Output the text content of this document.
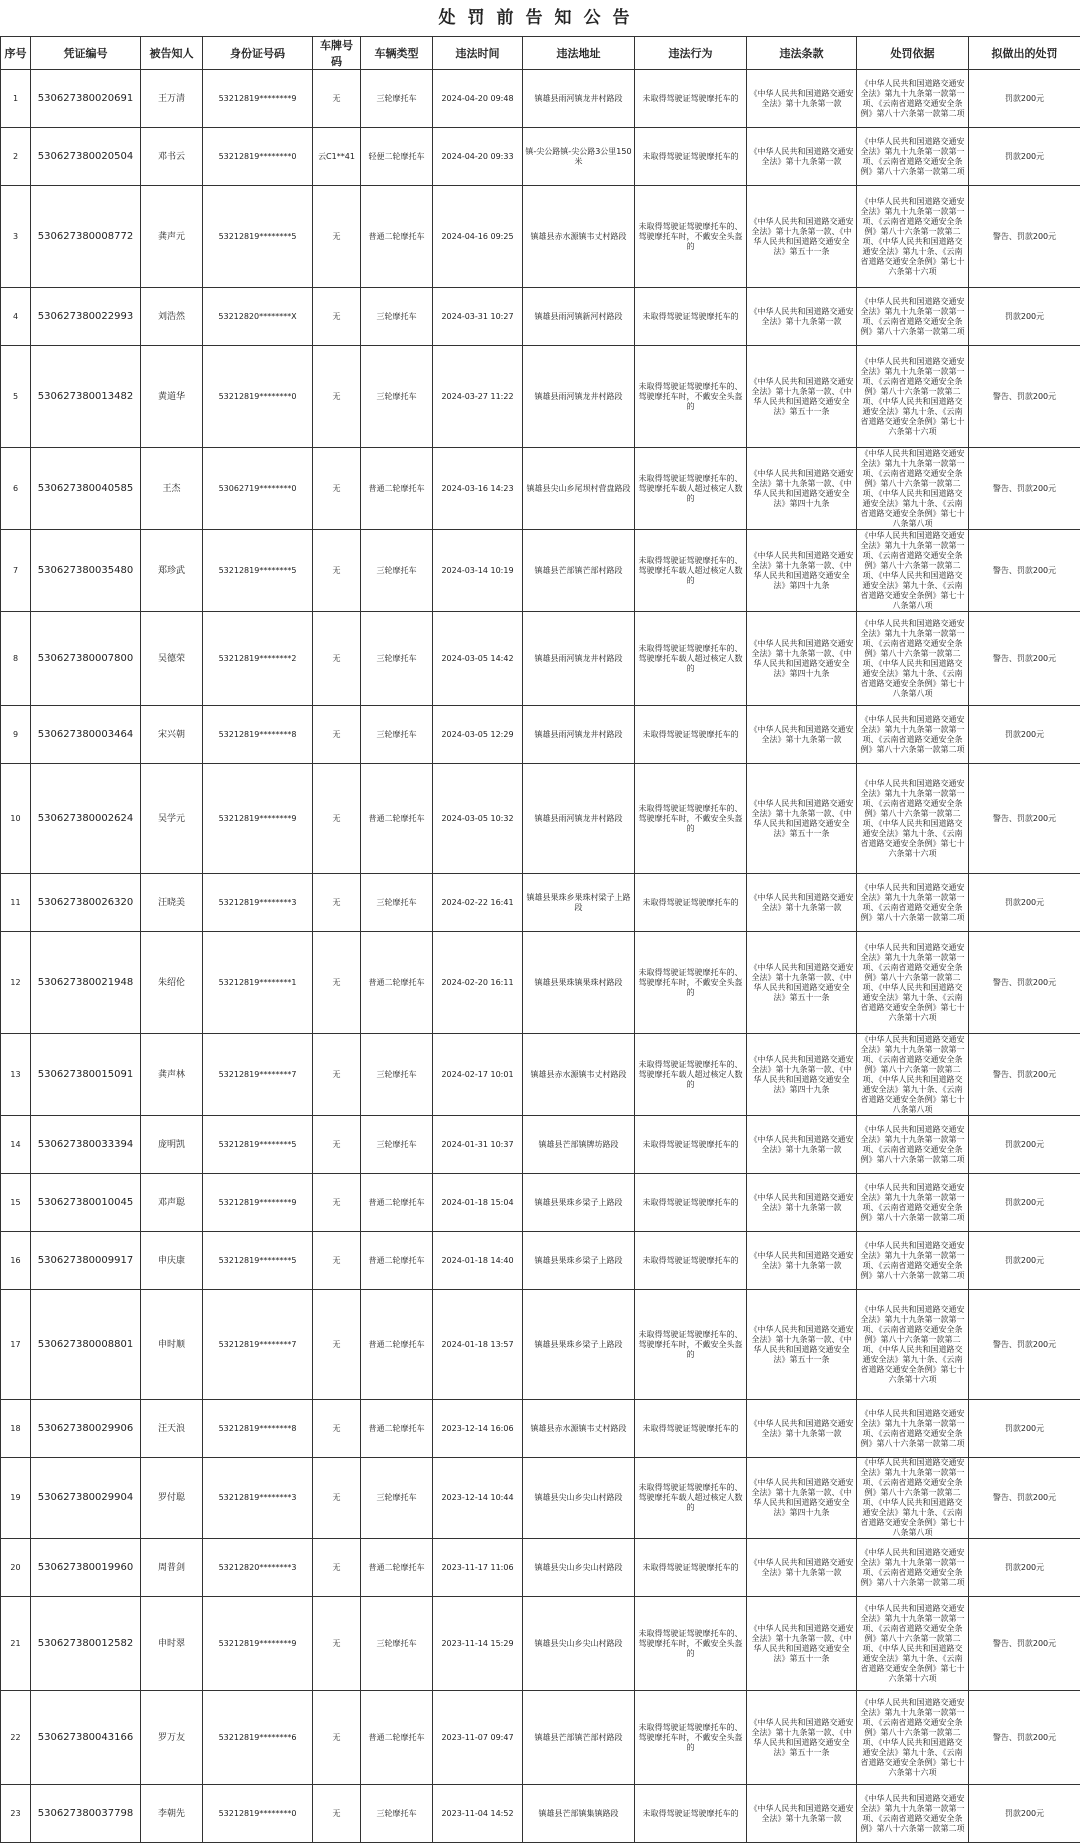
处罚前告知公告
序号	凭证编号	被告知人	身份证号码	车牌号码	车辆类型	违法时间	违法地址	违法行为	违法条款	处罚依据	拟做出的处罚
1	530627380020691	王万清	53212819********9	无	三轮摩托车	2024-04-20 09:48	镇雄县雨河镇龙井村路段	未取得驾驶证驾驶摩托车的	《中华人民共和国道路交通安全法》第十九条第一款	《中华人民共和国道路交通安全法》第九十九条第一款第一项、《云南省道路交通安全条例》第八十六条第一款第二项	罚款200元
2	530627380020504	邓书云	53212819********0	云C1**41	轻便二轮摩托车	2024-04-20 09:33	镇-尖公路镇-尖公路3公里150米	未取得驾驶证驾驶摩托车的	《中华人民共和国道路交通安全法》第十九条第一款	《中华人民共和国道路交通安全法》第九十九条第一款第一项、《云南省道路交通安全条例》第八十六条第一款第二项	罚款200元
3	530627380008772	龚声元	53212819********5	无	普通二轮摩托车	2024-04-16 09:25	镇雄县赤水源镇韦丈村路段	未取得驾驶证驾驶摩托车的、驾驶摩托车时，不戴安全头盔的	《中华人民共和国道路交通安全法》第十九条第一款、《中华人民共和国道路交通安全法》第五十一条	《中华人民共和国道路交通安全法》第九十九条第一款第一项、《云南省道路交通安全条例》第八十六条第一款第二项、《中华人民共和国道路交通安全法》第九十条、《云南省道路交通安全条例》第七十六条第十六项	警告、罚款200元
4	530627380022993	刘浩然	53212820********X	无	三轮摩托车	2024-03-31 10:27	镇雄县雨河镇新河村路段	未取得驾驶证驾驶摩托车的	《中华人民共和国道路交通安全法》第十九条第一款	《中华人民共和国道路交通安全法》第九十九条第一款第一项、《云南省道路交通安全条例》第八十六条第一款第二项	罚款200元
5	530627380013482	黄道华	53212819********0	无	三轮摩托车	2024-03-27 11:22	镇雄县雨河镇龙井村路段	未取得驾驶证驾驶摩托车的、驾驶摩托车时，不戴安全头盔的	《中华人民共和国道路交通安全法》第十九条第一款、《中华人民共和国道路交通安全法》第五十一条	《中华人民共和国道路交通安全法》第九十九条第一款第一项、《云南省道路交通安全条例》第八十六条第一款第二项、《中华人民共和国道路交通安全法》第九十条、《云南省道路交通安全条例》第七十六条第十六项	警告、罚款200元
6	530627380040585	王杰	53062719********0	无	普通二轮摩托车	2024-03-16 14:23	镇雄县尖山乡尾坝村营盘路段	未取得驾驶证驾驶摩托车的、驾驶摩托车载人超过核定人数的	《中华人民共和国道路交通安全法》第十九条第一款、《中华人民共和国道路交通安全法》第四十九条	《中华人民共和国道路交通安全法》第九十九条第一款第一项、《云南省道路交通安全条例》第八十六条第一款第二项、《中华人民共和国道路交通安全法》第九十条、《云南省道路交通安全条例》第七十八条第八项	警告、罚款200元
7	530627380035480	郑珍武	53212819********5	无	三轮摩托车	2024-03-14 10:19	镇雄县芒部镇芒部村路段	未取得驾驶证驾驶摩托车的、驾驶摩托车载人超过核定人数的	《中华人民共和国道路交通安全法》第十九条第一款、《中华人民共和国道路交通安全法》第四十九条	《中华人民共和国道路交通安全法》第九十九条第一款第一项、《云南省道路交通安全条例》第八十六条第一款第二项、《中华人民共和国道路交通安全法》第九十条、《云南省道路交通安全条例》第七十八条第八项	警告、罚款200元
8	530627380007800	吴德荣	53212819********2	无	三轮摩托车	2024-03-05 14:42	镇雄县雨河镇龙井村路段	未取得驾驶证驾驶摩托车的、驾驶摩托车载人超过核定人数的	《中华人民共和国道路交通安全法》第十九条第一款、《中华人民共和国道路交通安全法》第四十九条	《中华人民共和国道路交通安全法》第九十九条第一款第一项、《云南省道路交通安全条例》第八十六条第一款第二项、《中华人民共和国道路交通安全法》第九十条、《云南省道路交通安全条例》第七十八条第八项	警告、罚款200元
9	530627380003464	宋兴朝	53212819********8	无	三轮摩托车	2024-03-05 12:29	镇雄县雨河镇龙井村路段	未取得驾驶证驾驶摩托车的	《中华人民共和国道路交通安全法》第十九条第一款	《中华人民共和国道路交通安全法》第九十九条第一款第一项、《云南省道路交通安全条例》第八十六条第一款第二项	罚款200元
10	530627380002624	吴学元	53212819********9	无	普通二轮摩托车	2024-03-05 10:32	镇雄县雨河镇龙井村路段	未取得驾驶证驾驶摩托车的、驾驶摩托车时，不戴安全头盔的	《中华人民共和国道路交通安全法》第十九条第一款、《中华人民共和国道路交通安全法》第五十一条	《中华人民共和国道路交通安全法》第九十九条第一款第一项、《云南省道路交通安全条例》第八十六条第一款第二项、《中华人民共和国道路交通安全法》第九十条、《云南省道路交通安全条例》第七十六条第十六项	警告、罚款200元
11	530627380026320	汪晓美	53212819********3	无	三轮摩托车	2024-02-22 16:41	镇雄县果珠乡果珠村梁子上路段	未取得驾驶证驾驶摩托车的	《中华人民共和国道路交通安全法》第十九条第一款	《中华人民共和国道路交通安全法》第九十九条第一款第一项、《云南省道路交通安全条例》第八十六条第一款第二项	罚款200元
12	530627380021948	朱绍伦	53212819********1	无	普通二轮摩托车	2024-02-20 16:11	镇雄县果珠镇果珠村路段	未取得驾驶证驾驶摩托车的、驾驶摩托车时，不戴安全头盔的	《中华人民共和国道路交通安全法》第十九条第一款、《中华人民共和国道路交通安全法》第五十一条	《中华人民共和国道路交通安全法》第九十九条第一款第一项、《云南省道路交通安全条例》第八十六条第一款第二项、《中华人民共和国道路交通安全法》第九十条、《云南省道路交通安全条例》第七十六条第十六项	警告、罚款200元
13	530627380015091	龚声林	53212819********7	无	三轮摩托车	2024-02-17 10:01	镇雄县赤水源镇韦丈村路段	未取得驾驶证驾驶摩托车的、驾驶摩托车载人超过核定人数的	《中华人民共和国道路交通安全法》第十九条第一款、《中华人民共和国道路交通安全法》第四十九条	《中华人民共和国道路交通安全法》第九十九条第一款第一项、《云南省道路交通安全条例》第八十六条第一款第二项、《中华人民共和国道路交通安全法》第九十条、《云南省道路交通安全条例》第七十八条第八项	警告、罚款200元
14	530627380033394	庞明凯	53212819********5	无	三轮摩托车	2024-01-31 10:37	镇雄县芒部镇牌坊路段	未取得驾驶证驾驶摩托车的	《中华人民共和国道路交通安全法》第十九条第一款	《中华人民共和国道路交通安全法》第九十九条第一款第一项、《云南省道路交通安全条例》第八十六条第一款第二项	罚款200元
15	530627380010045	邓声聪	53212819********9	无	普通二轮摩托车	2024-01-18 15:04	镇雄县果珠乡梁子上路段	未取得驾驶证驾驶摩托车的	《中华人民共和国道路交通安全法》第十九条第一款	《中华人民共和国道路交通安全法》第九十九条第一款第一项、《云南省道路交通安全条例》第八十六条第一款第二项	罚款200元
16	530627380009917	申庆康	53212819********5	无	普通二轮摩托车	2024-01-18 14:40	镇雄县果珠乡梁子上路段	未取得驾驶证驾驶摩托车的	《中华人民共和国道路交通安全法》第十九条第一款	《中华人民共和国道路交通安全法》第九十九条第一款第一项、《云南省道路交通安全条例》第八十六条第一款第二项	罚款200元
17	530627380008801	申时顺	53212819********7	无	普通二轮摩托车	2024-01-18 13:57	镇雄县果珠乡梁子上路段	未取得驾驶证驾驶摩托车的、驾驶摩托车时，不戴安全头盔的	《中华人民共和国道路交通安全法》第十九条第一款、《中华人民共和国道路交通安全法》第五十一条	《中华人民共和国道路交通安全法》第九十九条第一款第一项、《云南省道路交通安全条例》第八十六条第一款第二项、《中华人民共和国道路交通安全法》第九十条、《云南省道路交通安全条例》第七十六条第十六项	警告、罚款200元
18	530627380029906	汪天浪	53212819********8	无	普通二轮摩托车	2023-12-14 16:06	镇雄县赤水源镇韦丈村路段	未取得驾驶证驾驶摩托车的	《中华人民共和国道路交通安全法》第十九条第一款	《中华人民共和国道路交通安全法》第九十九条第一款第一项、《云南省道路交通安全条例》第八十六条第一款第二项	罚款200元
19	530627380029904	罗付聪	53212819********3	无	三轮摩托车	2023-12-14 10:44	镇雄县尖山乡尖山村路段	未取得驾驶证驾驶摩托车的、驾驶摩托车载人超过核定人数的	《中华人民共和国道路交通安全法》第十九条第一款、《中华人民共和国道路交通安全法》第四十九条	《中华人民共和国道路交通安全法》第九十九条第一款第一项、《云南省道路交通安全条例》第八十六条第一款第二项、《中华人民共和国道路交通安全法》第九十条、《云南省道路交通安全条例》第七十八条第八项	警告、罚款200元
20	530627380019960	周普剑	53212820********3	无	普通二轮摩托车	2023-11-17 11:06	镇雄县尖山乡尖山村路段	未取得驾驶证驾驶摩托车的	《中华人民共和国道路交通安全法》第十九条第一款	《中华人民共和国道路交通安全法》第九十九条第一款第一项、《云南省道路交通安全条例》第八十六条第一款第二项	罚款200元
21	530627380012582	申时翠	53212819********9	无	三轮摩托车	2023-11-14 15:29	镇雄县尖山乡尖山村路段	未取得驾驶证驾驶摩托车的、驾驶摩托车时，不戴安全头盔的	《中华人民共和国道路交通安全法》第十九条第一款、《中华人民共和国道路交通安全法》第五十一条	《中华人民共和国道路交通安全法》第九十九条第一款第一项、《云南省道路交通安全条例》第八十六条第一款第二项、《中华人民共和国道路交通安全法》第九十条、《云南省道路交通安全条例》第七十六条第十六项	警告、罚款200元
22	530627380043166	罗万友	53212819********6	无	普通二轮摩托车	2023-11-07 09:47	镇雄县芒部镇芒部村路段	未取得驾驶证驾驶摩托车的、驾驶摩托车时，不戴安全头盔的	《中华人民共和国道路交通安全法》第十九条第一款、《中华人民共和国道路交通安全法》第五十一条	《中华人民共和国道路交通安全法》第九十九条第一款第一项、《云南省道路交通安全条例》第八十六条第一款第二项、《中华人民共和国道路交通安全法》第九十条、《云南省道路交通安全条例》第七十六条第十六项	警告、罚款200元
23	530627380037798	李朝先	53212819********0	无	三轮摩托车	2023-11-04 14:52	镇雄县芒部镇集镇路段	未取得驾驶证驾驶摩托车的	《中华人民共和国道路交通安全法》第十九条第一款	《中华人民共和国道路交通安全法》第九十九条第一款第一项、《云南省道路交通安全条例》第八十六条第一款第二项	罚款200元
